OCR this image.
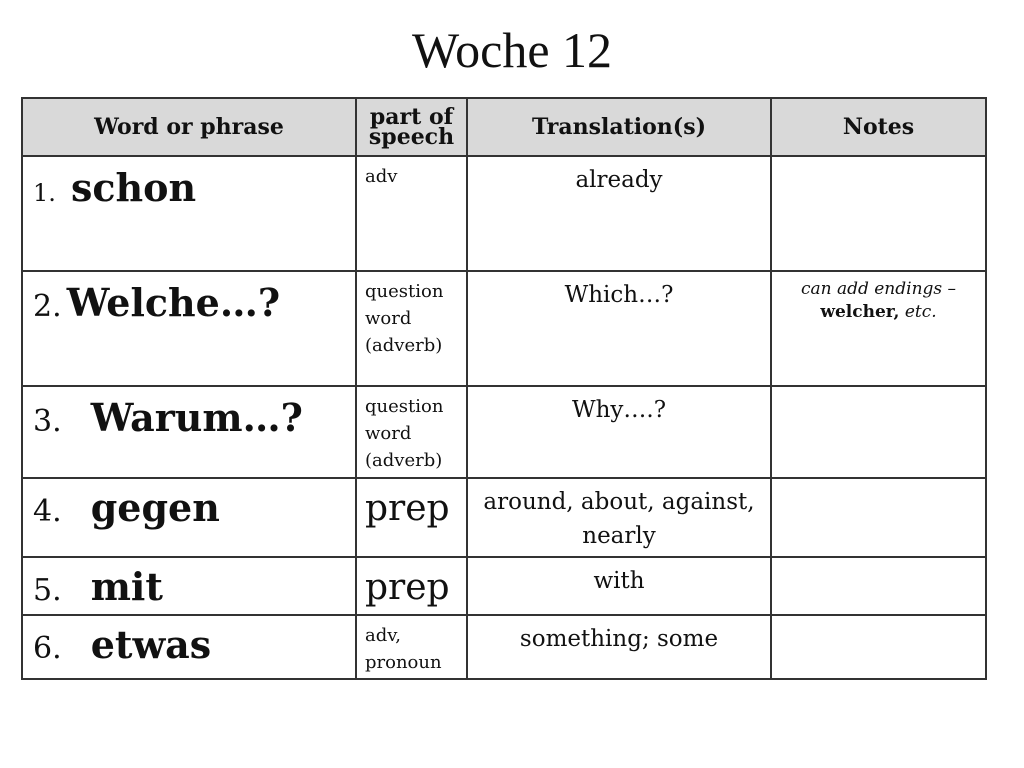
Woche 12
Word or phrase	part of speech	Translation(s)	Notes
1. schon	adv	already	
2. Welche…?	question word (adverb)	Which…?	can add endings –
welcher, etc.
3. Warum…?	question word (adverb)	Why….?	
4. gegen	prep	around, about, against, nearly	
5. mit	prep	with	
6. etwas	adv, pronoun	something; some	
